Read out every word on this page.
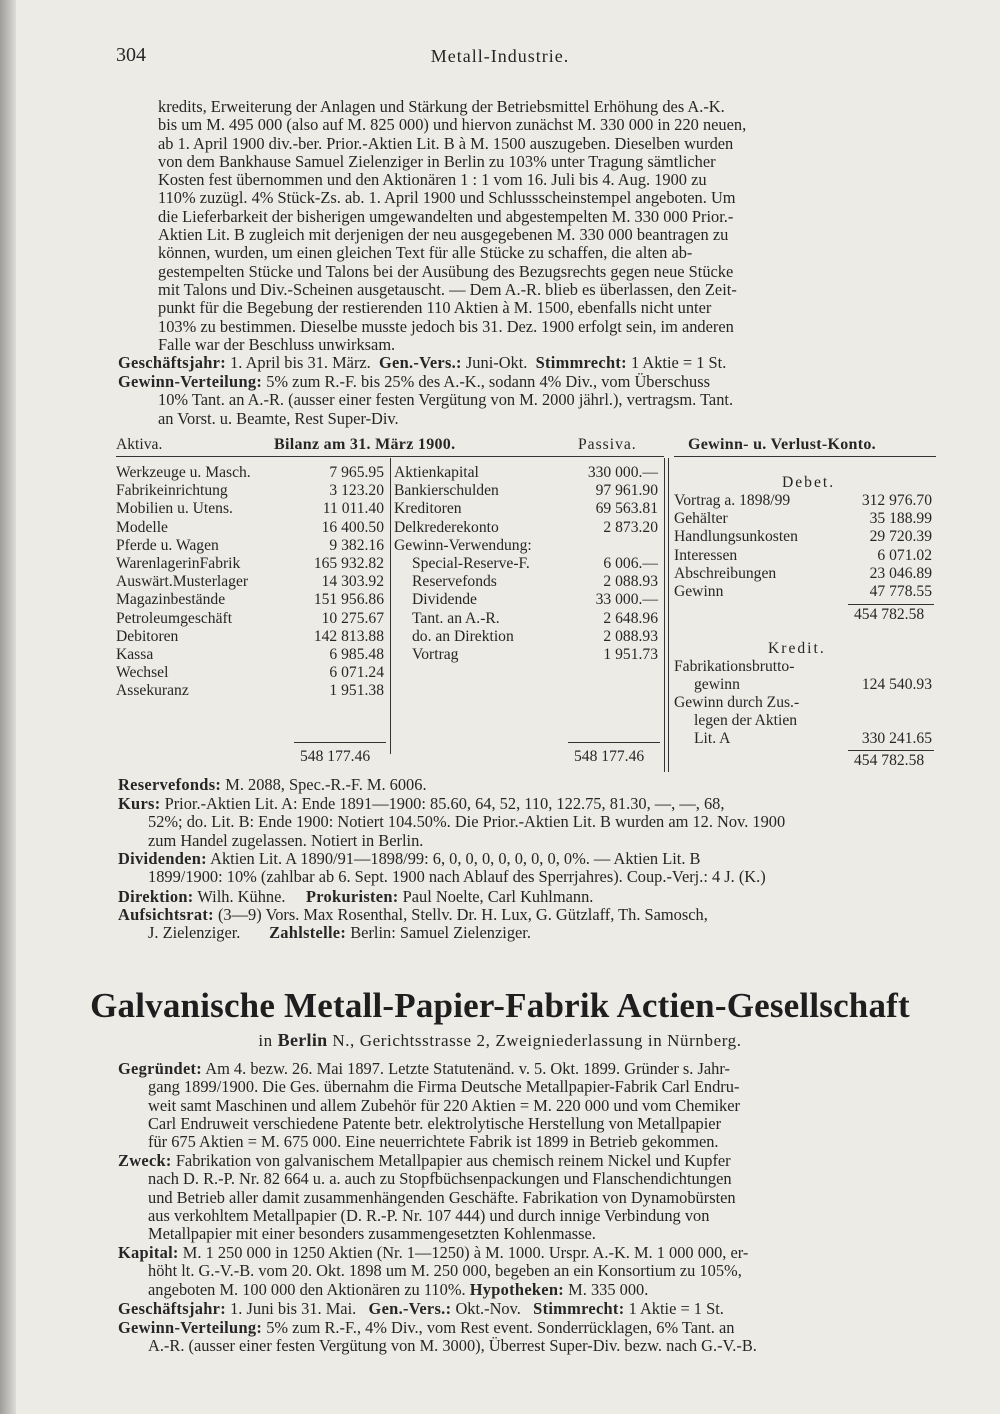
304	Metall-Industrie.
kredits, Erweiterung der Anlagen und Stärkung der Betriebsmittel Erhöhung des A.-K.
bis um M. 495 000 (also auf M. 825 000) und hiervon zunächst M. 330 000 in 220 neuen,
ab 1. April 1900 div.-ber. Prior.-Aktien Lit. B à M. 1500 auszugeben. Dieselben wurden
von dem Bankhause Samuel Zielenziger in Berlin zu 103% unter Tragung sämtlicher
Kosten fest übernommen und den Aktionären 1 : 1 vom 16. Juli bis 4. Aug. 1900 zu
110% zuzügl. 4% Stück-Zs. ab. 1. April 1900 und Schlussscheinstempel angeboten. Um
die Lieferbarkeit der bisherigen umgewandelten und abgestempelten M. 330 000 Prior.-
Aktien Lit. B zugleich mit derjenigen der neu ausgegebenen M. 330 000 beantragen zu
können, wurden, um einen gleichen Text für alle Stücke zu schaffen, die alten ab-
gestempelten Stücke und Talons bei der Ausübung des Bezugsrechts gegen neue Stücke
mit Talons und Div.-Scheinen ausgetauscht. — Dem A.-R. blieb es überlassen, den Zeit-
punkt für die Begebung der restierenden 110 Aktien à M. 1500, ebenfalls nicht unter
103% zu bestimmen. Dieselbe musste jedoch bis 31. Dez. 1900 erfolgt sein, im anderen
Falle war der Beschluss unwirksam.
Geschäftsjahr: 1. April bis 31. März. Gen.-Vers.: Juni-Okt. Stimmrecht: 1 Aktie = 1 St.
Gewinn-Verteilung: 5% zum R.-F. bis 25% des A.-K., sodann 4% Div., vom Überschuss
10% Tant. an A.-R. (ausser einer festen Vergütung von M. 2000 jährl.), vertragsm. Tant.
an Vorst. u. Beamte, Rest Super-Div.
Aktiva.	Bilanz am 31. März 1900.	Passiva.	Gewinn- u. Verlust-Konto.
Werkzeuge u. Masch.	7 965.95
Fabrikeinrichtung	3 123.20
Mobilien u. Utens.	11 011.40
Modelle	16 400.50
Pferde u. Wagen	9 382.16
WarenlagerinFabrik	165 932.82
Auswärt.Musterlager	14 303.92
Magazinbestände	151 956.86
Petroleumgeschäft	10 275.67
Debitoren	142 813.88
Kassa	6 985.48
Wechsel	6 071.24
Assekuranz	1 951.38
Aktienkapital	330 000.—
Bankierschulden	97 961.90
Kreditoren	69 563.81
Delkrederekonto	2 873.20
Gewinn-Verwendung:
Special-Reserve-F.	6 006.—
Reservefonds	2 088.93
Dividende	33 000.—
Tant. an A.-R.	2 648.96
do. an Direktion	2 088.93
Vortrag	1 951.73
548 177.46	548 177.46
Debet.
Vortrag a. 1898/99	312 976.70
Gehälter	35 188.99
Handlungsunkosten	29 720.39
Interessen	6 071.02
Abschreibungen	23 046.89
Gewinn	47 778.55
454 782.58
Kredit.
Fabrikationsbrutto-
gewinn	124 540.93
Gewinn durch Zus.-
legen der Aktien
Lit. A	330 241.65
454 782.58
Reservefonds: M. 2088, Spec.-R.-F. M. 6006.
Kurs: Prior.-Aktien Lit. A: Ende 1891—1900: 85.60, 64, 52, 110, 122.75, 81.30, —, —, 68,
52%; do. Lit. B: Ende 1900: Notiert 104.50%. Die Prior.-Aktien Lit. B wurden am 12. Nov. 1900
zum Handel zugelassen. Notiert in Berlin.
Dividenden: Aktien Lit. A 1890/91—1898/99: 6, 0, 0, 0, 0, 0, 0, 0, 0%. — Aktien Lit. B
1899/1900: 10% (zahlbar ab 6. Sept. 1900 nach Ablauf des Sperrjahres). Coup.-Verj.: 4 J. (K.)
Direktion: Wilh. Kühne. Prokuristen: Paul Noelte, Carl Kuhlmann.
Aufsichtsrat: (3—9) Vors. Max Rosenthal, Stellv. Dr. H. Lux, G. Gützlaff, Th. Samosch,
J. Zielenziger. Zahlstelle: Berlin: Samuel Zielenziger.
Galvanische Metall-Papier-Fabrik Actien-Gesellschaft
in Berlin N., Gerichtsstrasse 2, Zweigniederlassung in Nürnberg.
Gegründet: Am 4. bezw. 26. Mai 1897. Letzte Statutenänd. v. 5. Okt. 1899. Gründer s. Jahr-
gang 1899/1900. Die Ges. übernahm die Firma Deutsche Metallpapier-Fabrik Carl Endru-
weit samt Maschinen und allem Zubehör für 220 Aktien = M. 220 000 und vom Chemiker
Carl Endruweit verschiedene Patente betr. elektrolytische Herstellung von Metallpapier
für 675 Aktien = M. 675 000. Eine neuerrichtete Fabrik ist 1899 in Betrieb gekommen.
Zweck: Fabrikation von galvanischem Metallpapier aus chemisch reinem Nickel und Kupfer
nach D. R.-P. Nr. 82 664 u. a. auch zu Stopfbüchsenpackungen und Flanschendichtungen
und Betrieb aller damit zusammenhängenden Geschäfte. Fabrikation von Dynamobürsten
aus verkohltem Metallpapier (D. R.-P. Nr. 107 444) und durch innige Verbindung von
Metallpapier mit einer besonders zusammengesetzten Kohlenmasse.
Kapital: M. 1 250 000 in 1250 Aktien (Nr. 1—1250) à M. 1000. Urspr. A.-K. M. 1 000 000, er-
höht lt. G.-V.-B. vom 20. Okt. 1898 um M. 250 000, begeben an ein Konsortium zu 105%,
angeboten M. 100 000 den Aktionären zu 110%. Hypotheken: M. 335 000.
Geschäftsjahr: 1. Juni bis 31. Mai. Gen.-Vers.: Okt.-Nov. Stimmrecht: 1 Aktie = 1 St.
Gewinn-Verteilung: 5% zum R.-F., 4% Div., vom Rest event. Sonderrücklagen, 6% Tant. an
A.-R. (ausser einer festen Vergütung von M. 3000), Überrest Super-Div. bezw. nach G.-V.-B.
